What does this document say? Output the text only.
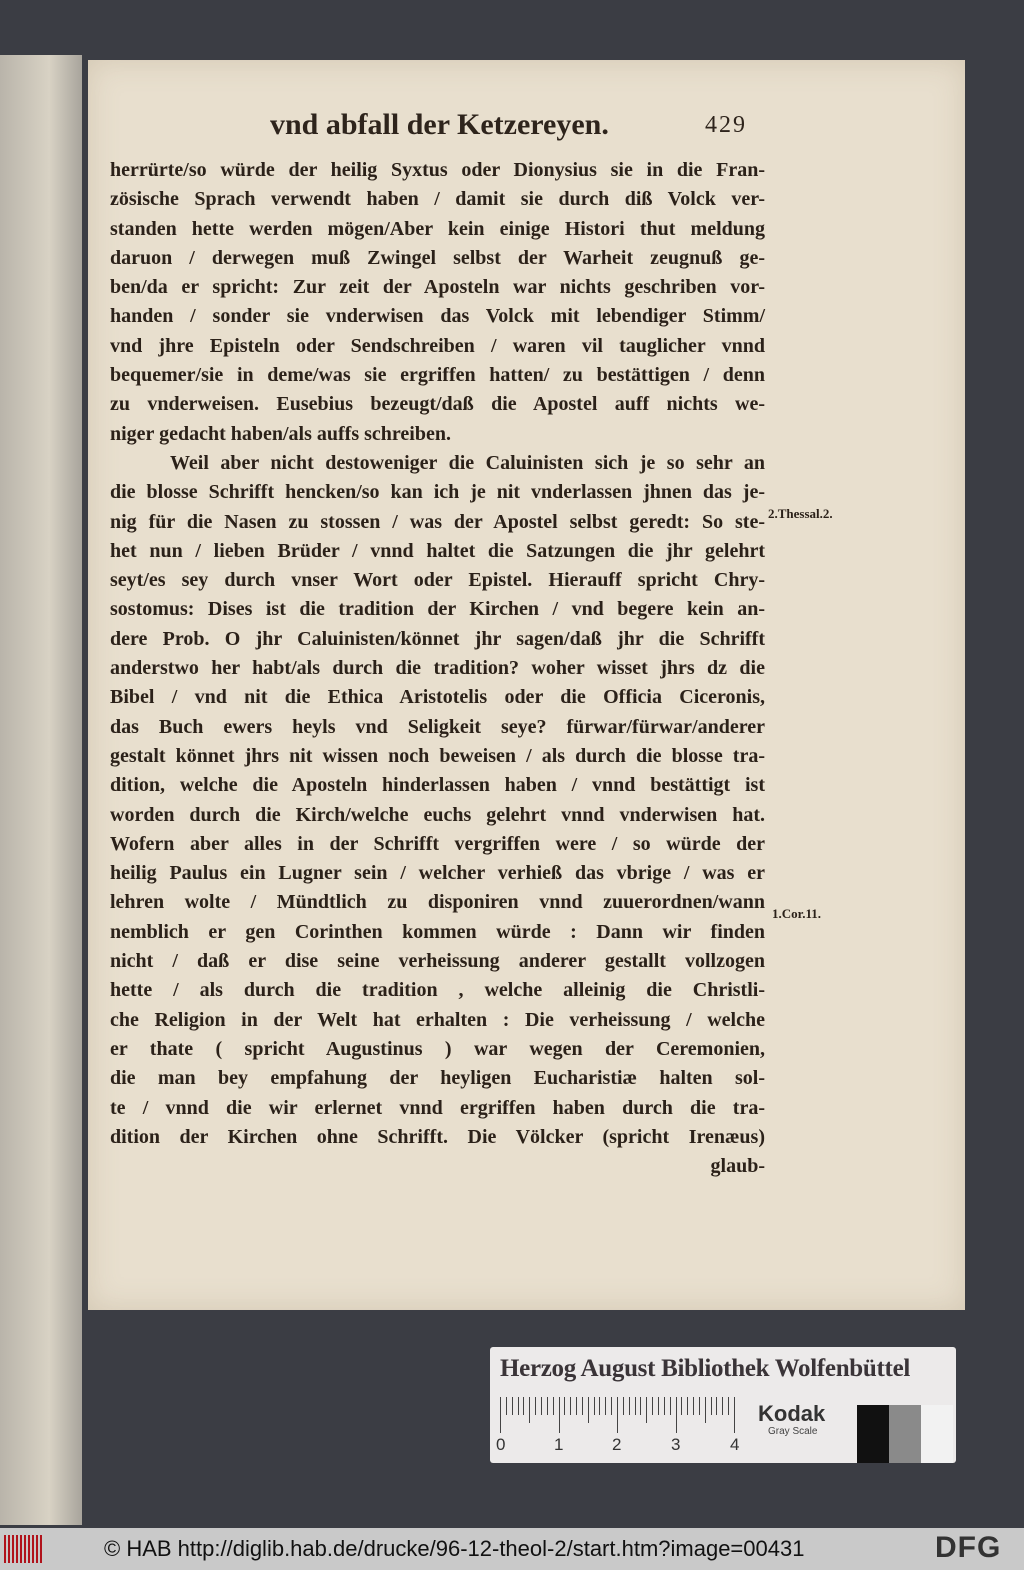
vnd abfall der Ketzereyen.	429
herrürte/so würde der heilig Syxtus oder Dionysius sie in die Fran-
zösische Sprach verwendt haben / damit sie durch diß Volck ver-
standen hette werden mögen/Aber kein einige Histori thut meldung
daruon / derwegen muß Zwingel selbst der Warheit zeugnuß ge-
ben/da er spricht: Zur zeit der Aposteln war nichts geschriben vor-
handen / sonder sie vnderwisen das Volck mit lebendiger Stimm/
vnd jhre Episteln oder Sendschreiben / waren vil tauglicher vnnd
bequemer/sie in deme/was sie ergriffen hatten/ zu bestättigen / denn
zu vnderweisen. Eusebius bezeugt/daß die Apostel auff nichts we-
niger gedacht haben/als auffs schreiben.
Weil aber nicht destoweniger die Caluinisten sich je so sehr an
die blosse Schrifft hencken/so kan ich je nit vnderlassen jhnen das je-
nig für die Nasen zu stossen / was der Apostel selbst geredt: So ste-
het nun / lieben Brüder / vnnd haltet die Satzungen die jhr gelehrt
seyt/es sey durch vnser Wort oder Epistel. Hierauff spricht Chry-
sostomus: Dises ist die tradition der Kirchen / vnd begere kein an-
dere Prob. O jhr Caluinisten/könnet jhr sagen/daß jhr die Schrifft
anderstwo her habt/als durch die tradition? woher wisset jhrs dz die
Bibel / vnd nit die Ethica Aristotelis oder die Officia Ciceronis,
das Buch ewers heyls vnd Seligkeit seye? fürwar/fürwar/anderer
gestalt könnet jhrs nit wissen noch beweisen / als durch die blosse tra-
dition, welche die Aposteln hinderlassen haben / vnnd bestättigt ist
worden durch die Kirch/welche euchs gelehrt vnnd vnderwisen hat.
Wofern aber alles in der Schrifft vergriffen were / so würde der
heilig Paulus ein Lugner sein / welcher verhieß das vbrige / was er
lehren wolte / Mündtlich zu disponiren vnnd zuuerordnen/wann
nemblich er gen Corinthen kommen würde : Dann wir finden
nicht / daß er dise seine verheissung anderer gestallt vollzogen
hette / als durch die tradition , welche alleinig die Christli-
che Religion in der Welt hat erhalten : Die verheissung / welche
er thate ( spricht Augustinus ) war wegen der Ceremonien,
die man bey empfahung der heyligen Eucharistiæ halten sol-
te / vnnd die wir erlernet vnnd ergriffen haben durch die tra-
dition der Kirchen ohne Schrifft. Die Völcker (spricht Irenæus)
glaub-
2.Thessal.2.
1.Cor.11.
Herzog August Bibliothek Wolfenbüttel
0	1	2	3	4
Kodak
Gray Scale
© HAB http://diglib.hab.de/drucke/96-12-theol-2/start.htm?image=00431	DFG
